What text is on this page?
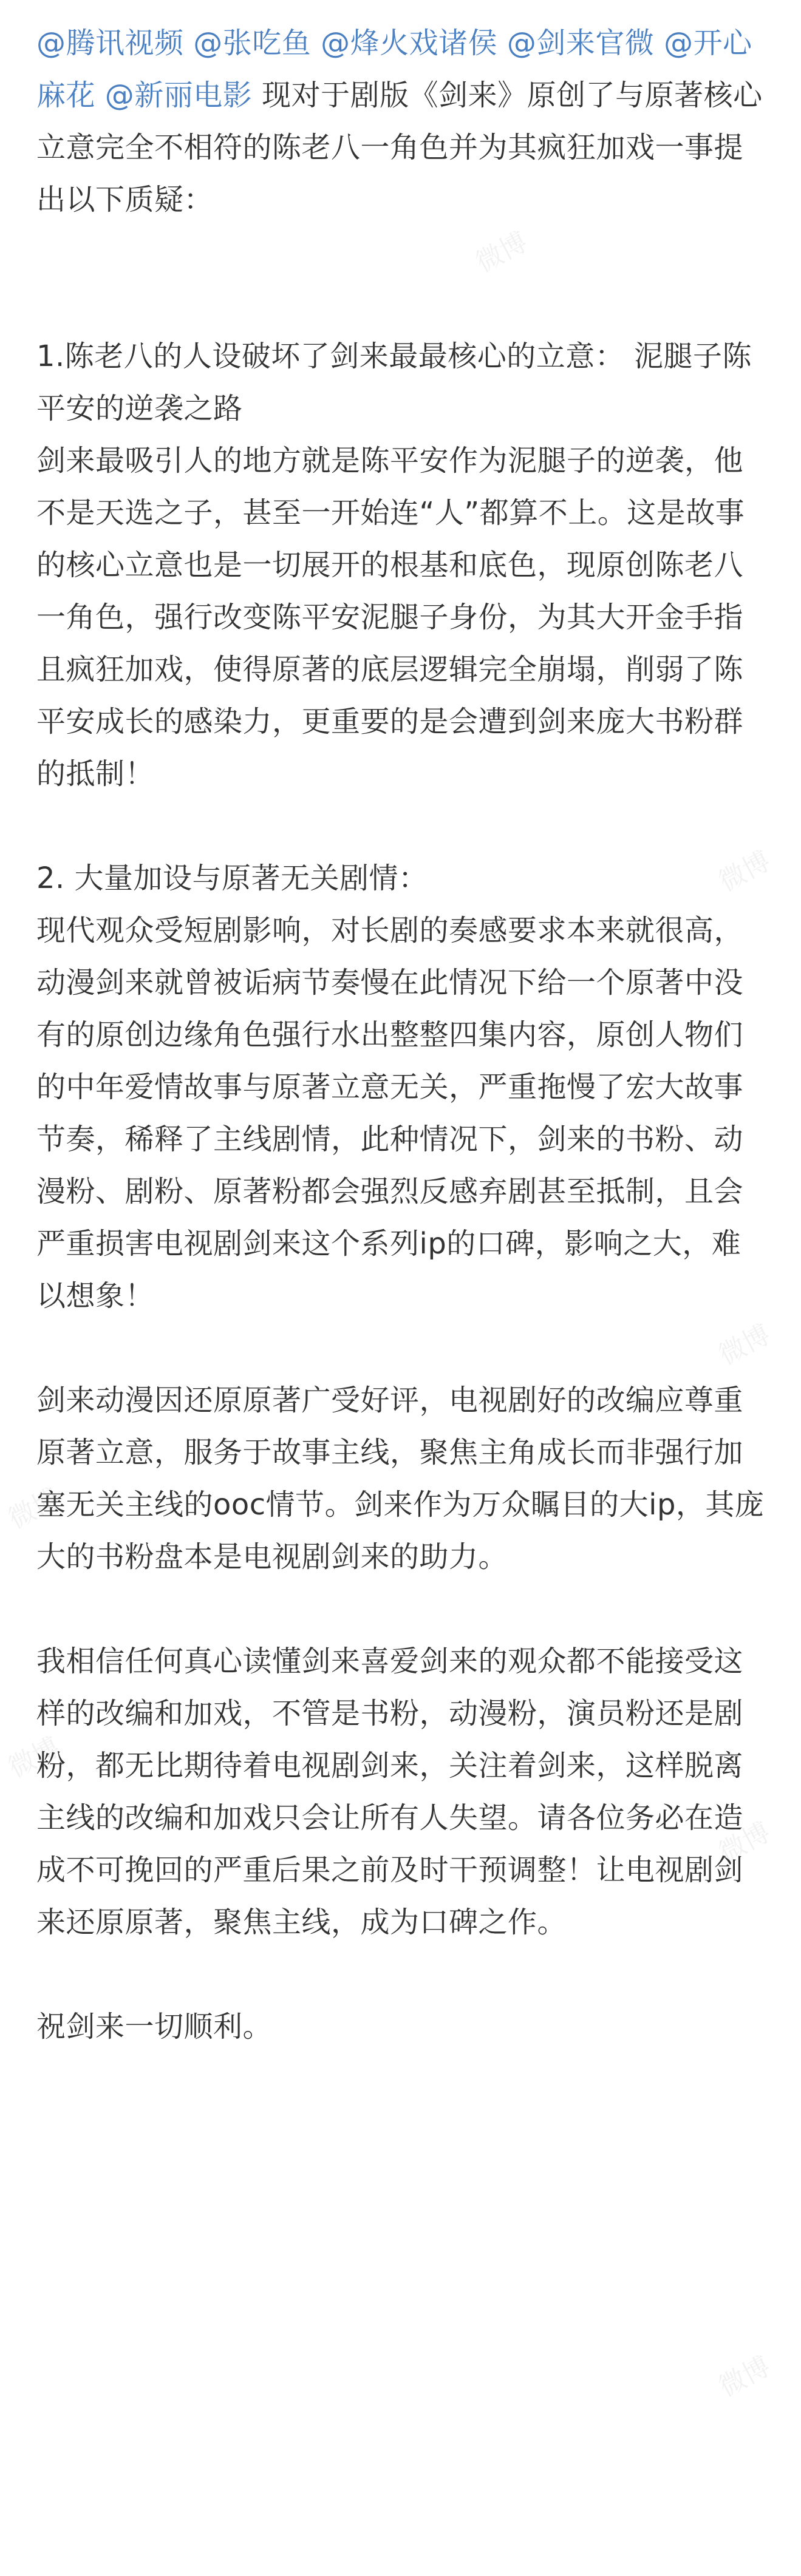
@腾讯视频 @张吃鱼 @烽火戏诸侯 @剑来官微 @开心麻花 @新丽电影 现对于剧版《剑来》原创了与原著核心立意完全不相符的陈老八一角色并为其疯狂加戏一事提出以下质疑：

1.陈老八的人设破坏了剑来最最核心的立意： 泥腿子陈平安的逆袭之路

剑来最吸引人的地方就是陈平安作为泥腿子的逆袭，他不是天选之子，甚至一开始连“人”都算不上。这是故事的核心立意也是一切展开的根基和底色，现原创陈老八一角色，强行改变陈平安泥腿子身份，为其大开金手指且疯狂加戏，使得原著的底层逻辑完全崩塌，削弱了陈平安成长的感染力，更重要的是会遭到剑来庞大书粉群的抵制！

2. 大量加设与原著无关剧情：

现代观众受短剧影响，对长剧的奏感要求本来就很高，动漫剑来就曾被诟病节奏慢在此情况下给一个原著中没有的原创边缘角色强行水出整整四集内容，原创人物们的中年爱情故事与原著立意无关，严重拖慢了宏大故事节奏，稀释了主线剧情，此种情况下，剑来的书粉、动漫粉、剧粉、原著粉都会强烈反感弃剧甚至抵制，且会严重损害电视剧剑来这个系列ip的口碑，影响之大，难以想象！

剑来动漫因还原原著广受好评，电视剧好的改编应尊重原著立意，服务于故事主线，聚焦主角成长而非强行加塞无关主线的ooc情节。剑来作为万众瞩目的大ip，其庞大的书粉盘本是电视剧剑来的助力。

我相信任何真心读懂剑来喜爱剑来的观众都不能接受这样的改编和加戏，不管是书粉，动漫粉，演员粉还是剧粉，都无比期待着电视剧剑来，关注着剑来，这样脱离主线的改编和加戏只会让所有人失望。请各位务必在造成不可挽回的严重后果之前及时干预调整！让电视剧剑来还原原著，聚焦主线，成为口碑之作。

祝剑来一切顺利。

微博
微博
微博
微博
微博
微博
微博
